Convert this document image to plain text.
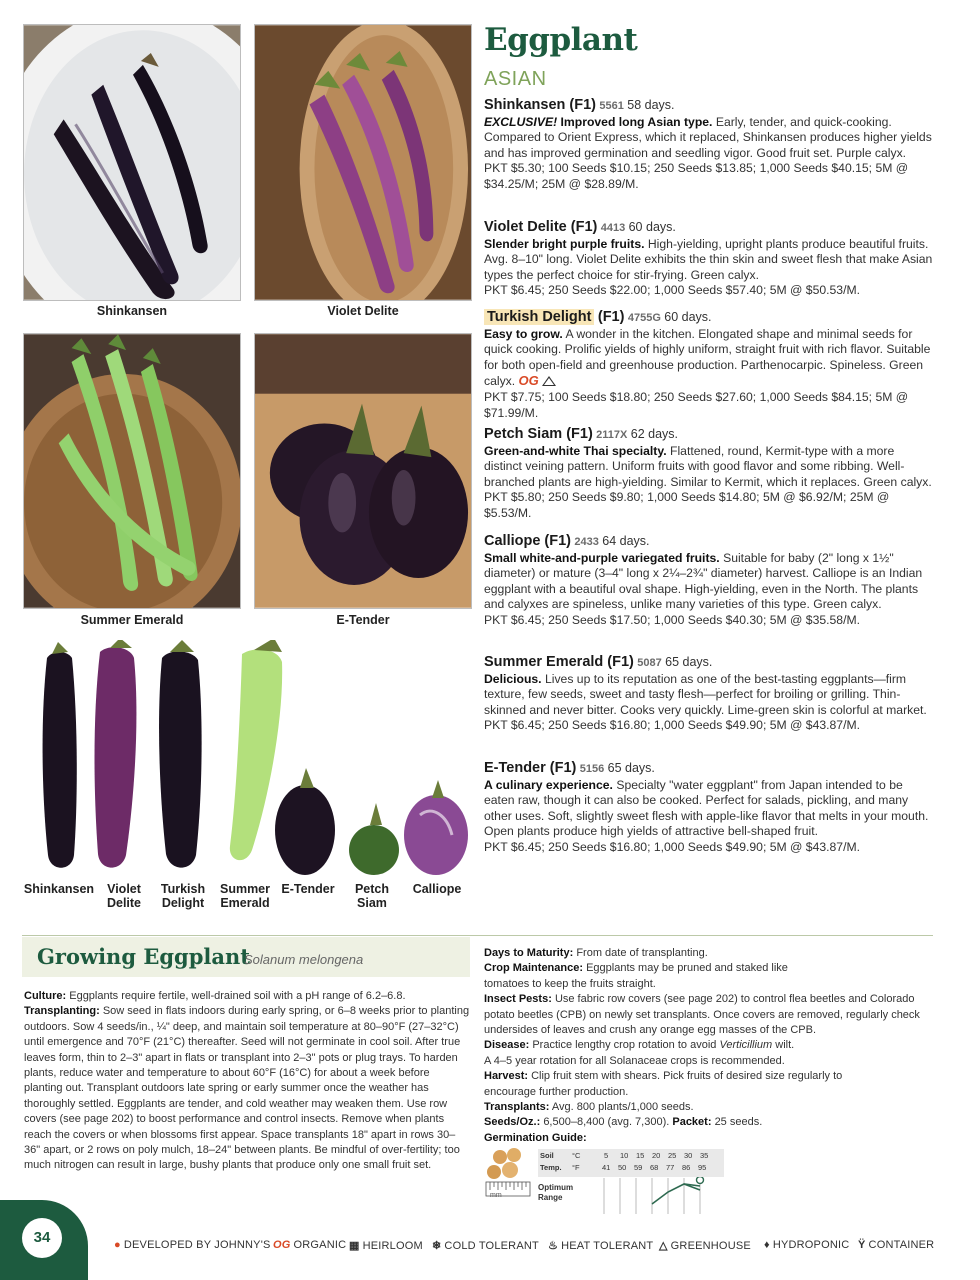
Shinkansen	Violet Delite
Summer Emerald	E-Tender
Shinkansen	Violet
Delite
Turkish
Delight
Summer
Emerald
E-Tender	Petch
Siam
Calliope
Eggplant
ASIAN
Shinkansen (F1) 5561 58 days.
EXCLUSIVE! Improved long Asian type. Early, tender, and quick-cooking. Compared to Orient Express, which it replaced, Shinkansen produces higher yields and has improved germination and seedling vigor. Good fruit set. Purple calyx.
PKT $5.30; 100 Seeds $10.15; 250 Seeds $13.85; 1,000 Seeds $40.15; 5M @ $34.25/M; 25M @ $28.89/M.
Violet Delite (F1) 4413 60 days.
Slender bright purple fruits. High-yielding, upright plants produce beautiful fruits. Avg. 8–10" long. Violet Delite exhibits the thin skin and sweet flesh that make Asian types the perfect choice for stir-frying. Green calyx.
PKT $6.45; 250 Seeds $22.00; 1,000 Seeds $57.40; 5M @ $50.53/M.
Turkish Delight (F1) 4755G 60 days.
Easy to grow. A wonder in the kitchen. Elongated shape and minimal seeds for quick cooking. Prolific yields of highly uniform, straight fruit with rich flavor. Suitable for both open-field and greenhouse production. Parthenocarpic. Spineless. Green calyx. OG
PKT $7.75; 100 Seeds $18.80; 250 Seeds $27.60; 1,000 Seeds $84.15; 5M @ $71.99/M.
Petch Siam (F1) 2117X 62 days.
Green-and-white Thai specialty. Flattened, round, Kermit-type with a more distinct veining pattern. Uniform fruits with good flavor and some ribbing. Well-branched plants are high-yielding. Similar to Kermit, which it replaces. Green calyx.
PKT $5.80; 250 Seeds $9.80; 1,000 Seeds $14.80; 5M @ $6.92/M; 25M @ $5.53/M.
Calliope (F1) 2433 64 days.
Small white-and-purple variegated fruits. Suitable for baby (2" long x 1½" diameter) or mature (3–4" long x 2¼–2¾" diameter) harvest. Calliope is an Indian eggplant with a beautiful oval shape. High-yielding, even in the North. The plants and calyxes are spineless, unlike many varieties of this type. Green calyx.
PKT $6.45; 250 Seeds $17.50; 1,000 Seeds $40.30; 5M @ $35.58/M.
Summer Emerald (F1) 5087 65 days.
Delicious. Lives up to its reputation as one of the best-tasting eggplants—firm texture, few seeds, sweet and tasty flesh—perfect for broiling or grilling. Thin-skinned and never bitter. Cooks very quickly. Lime-green skin is colorful at market.
PKT $6.45; 250 Seeds $16.80; 1,000 Seeds $49.90; 5M @ $43.87/M.
E-Tender (F1) 5156 65 days.
A culinary experience. Specialty "water eggplant" from Japan intended to be eaten raw, though it can also be cooked. Perfect for salads, pickling, and many other uses. Soft, slightly sweet flesh with apple-like flavor that melts in your mouth. Open plants produce high yields of attractive bell-shaped fruit.
PKT $6.45; 250 Seeds $16.80; 1,000 Seeds $49.90; 5M @ $43.87/M.
Growing Eggplant
Solanum melongena
Culture: Eggplants require fertile, well-drained soil with a pH range of 6.2–6.8.
Transplanting: Sow seed in flats indoors during early spring, or 6–8 weeks prior to planting outdoors. Sow 4 seeds/in., ¼" deep, and maintain soil temperature at 80–90°F (27–32°C) until emergence and 70°F (21°C) thereafter. Seed will not germinate in cool soil. After true leaves form, thin to 2–3" apart in flats or transplant into 2–3" pots or plug trays. To harden plants, reduce water and temperature to about 60°F (16°C) for about a week before planting out. Transplant outdoors late spring or early summer once the weather has thoroughly settled. Eggplants are tender, and cold weather may weaken them. Use row covers (see page 202) to boost performance and control insects. Remove when plants reach the covers or when blossoms first appear. Space transplants 18" apart in rows 30–36" apart, or 2 rows on poly mulch, 18–24" between plants. Be mindful of over-fertility; too much nitrogen can result in large, bushy plants that produce only one small fruit set.
Days to Maturity: From date of transplanting.
Crop Maintenance: Eggplants may be pruned and staked like tomatoes to keep the fruits straight.
Insect Pests: Use fabric row covers (see page 202) to control flea beetles and Colorado potato beetles (CPB) on newly set transplants. Once covers are removed, regularly check undersides of leaves and crush any orange egg masses of the CPB.
Disease: Practice lengthy crop rotation to avoid Verticillium wilt.
A 4–5 year rotation for all Solanaceae crops is recommended.
Harvest: Clip fruit stem with shears. Pick fruits of desired size regularly to encourage further production.
Transplants: Avg. 800 plants/1,000 seeds.
Seeds/Oz.: 6,500–8,400 (avg. 7,300). Packet: 25 seeds.
Germination Guide:
mm
Soil °C	5 10 15 20 25 30 35
Temp. °F	41 50 59 68 77 86 95
Optimum
Range
34	● DEVELOPED BY JOHNNY'S OG ORGANIC ▦ HEIRLOOM ❄ COLD TOLERANT ♨ HEAT TOLERANT △ GREENHOUSE ♦ HYDROPONIC Ÿ CONTAINER
